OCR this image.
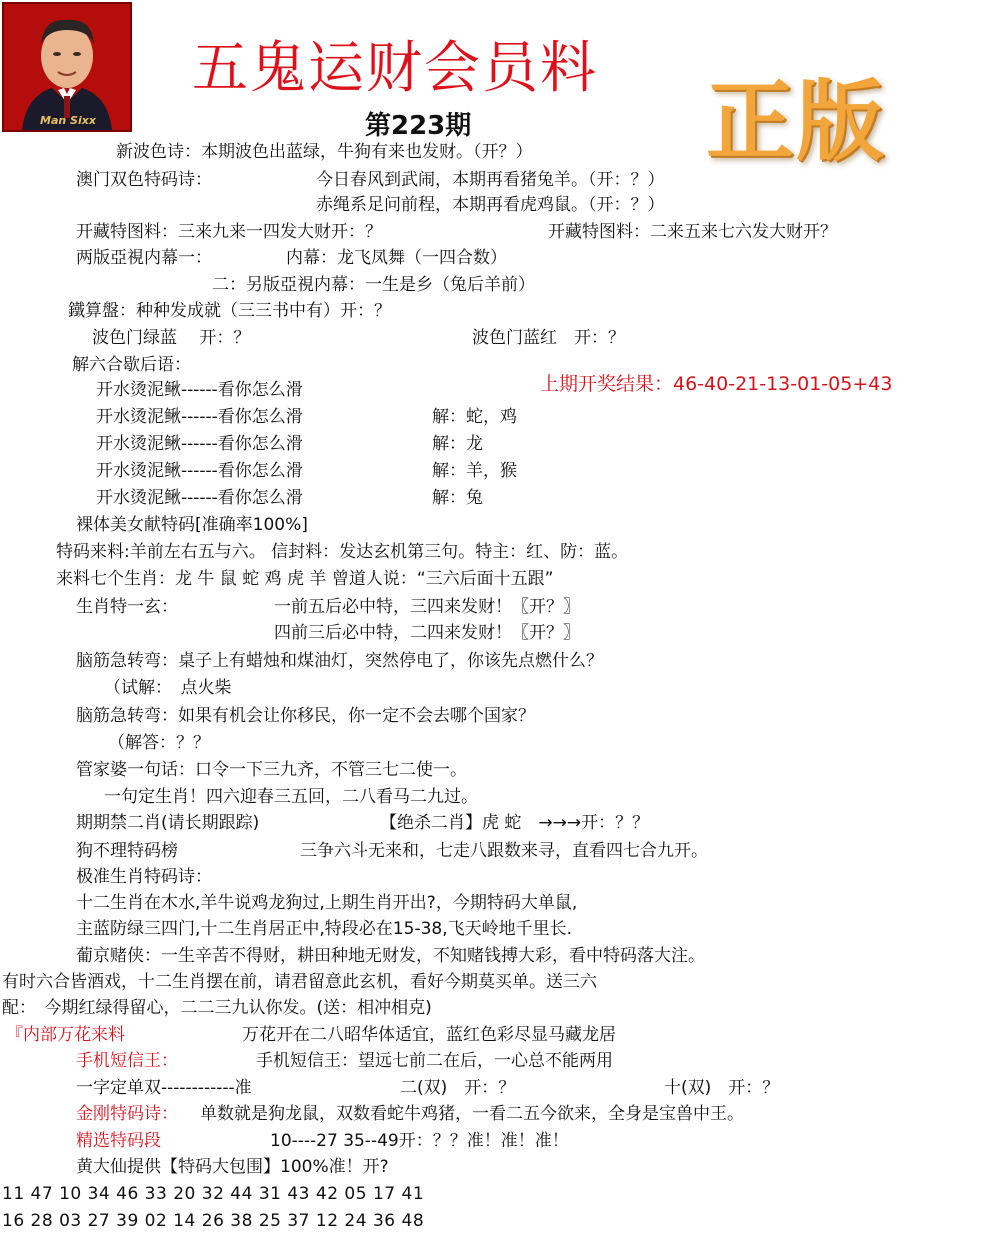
Man Sixx
五鬼运财会员料
第223期	正版
新波色诗：本期波色出蓝绿，牛狗有来也发财。（开？）
澳门双色特码诗：	今日春风到武闹，本期再看猪兔羊。（开：？）
赤绳系足问前程，本期再看虎鸡鼠。（开：？）
开藏特图料：三来九来一四发大财开：？	开藏特图料：二来五来七六发大财开？
两版亞視内幕一：	内幕：龙飞凤舞（一四合数）
二：另版亞視内幕：一生是乡（兔后羊前）
鐵算盤：种种发成就（三三书中有）开：？
波色门绿蓝　 开：？	波色门蓝红　开：？
解六合歇后语：
开水烫泥鳅------看你怎么滑	上期开奖结果：46-40-21-13-01-05+43
开水烫泥鳅------看你怎么滑	解：蛇，鸡
开水烫泥鳅------看你怎么滑	解：龙
开水烫泥鳅------看你怎么滑	解：羊，猴
开水烫泥鳅------看你怎么滑	解：兔
裸体美女献特码[准确率100%]
特码来料:羊前左右五与六。 信封料：发达玄机第三句。特主：红、防：蓝。
来料七个生肖：龙 牛 鼠 蛇 鸡 虎 羊 曾道人说：“三六后面十五跟”
生肖特一玄：	一前五后必中特，三四来发财！〖开？〗
四前三后必中特，二四来发财！〖开？〗
脑筋急转弯：桌子上有蜡烛和煤油灯，突然停电了，你该先点燃什么？
（试解：　点火柴
脑筋急转弯：如果有机会让你移民，你一定不会去哪个国家？
（解答：？？
管家婆一句话：口令一下三九齐，不管三七二使一。
一句定生肖！四六迎春三五回，二八看马二九过。
期期禁二肖(请长期跟踪)	【绝杀二肖】虎 蛇　→→→开：？？
狗不理特码榜	三争六斗无来和，七走八跟数来寻，直看四七合九开。
极准生肖特码诗：
十二生肖在木水,羊牛说鸡龙狗过,上期生肖开出?，今期特码大单鼠,
主蓝防绿三四门,十二生肖居正中,特段必在15-38,飞天岭地千里长.
葡京赌侠：一生辛苦不得财，耕田种地无财发，不知赌钱搏大彩，看中特码落大注。
有时六合皆酒戏，十二生肖摆在前，请君留意此玄机，看好今期莫买单。送三六
配：　今期红绿得留心，二二三九认你发。(送：相冲相克)
『内部万花来料	万花开在二八昭华体适宜，蓝红色彩尽显马藏龙居
手机短信王：	手机短信王：望远七前二在后，一心总不能两用
一字定单双------------准	二(双)　开：？	十(双)　开：？
金刚特码诗： 单数就是狗龙鼠，双数看蛇牛鸡猪，一看二五今欲来，全身是宝兽中王。
精选特码段	10----27 35--49开：？？准！准！准！
黄大仙提供【特码大包围】100%准！开?
11 47 10 34 46 33 20 32 44 31 43 42 05 17 41
16 28 03 27 39 02 14 26 38 25 37 12 24 36 48
